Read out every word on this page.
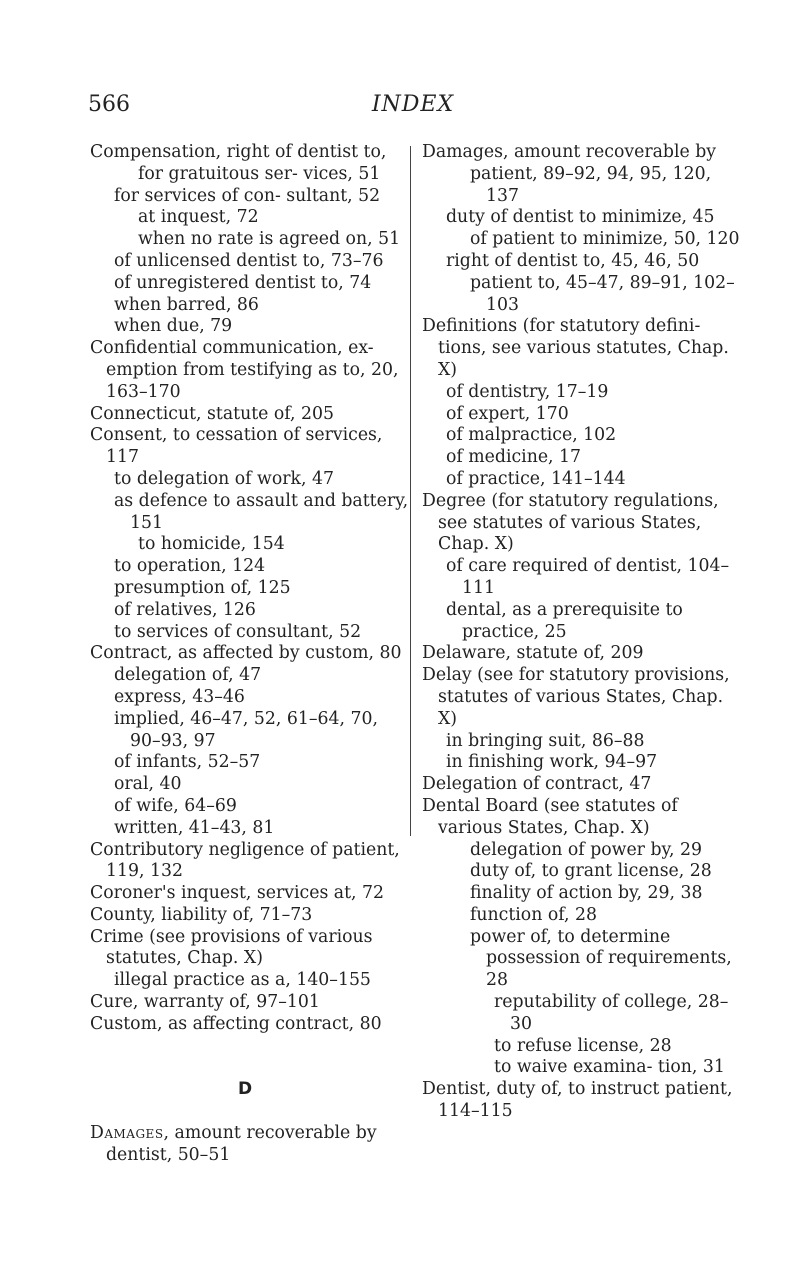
566	INDEX

Compensation, right of dentist to,

for gratuitous ser- vices, 51

for services of con- sultant, 52

at inquest, 72

when no rate is agreed on, 51

of unlicensed dentist to, 73–76

of unregistered dentist to, 74

when barred, 86

when due, 79

Confidential communication, ex- emption from testifying as to, 20, 163–170

Connecticut, statute of, 205

Consent, to cessation of services, 117

to delegation of work, 47

as defence to assault and battery, 151

to homicide, 154

to operation, 124

presumption of, 125

of relatives, 126

to services of consultant, 52

Contract, as affected by custom, 80

delegation of, 47

express, 43–46

implied, 46–47, 52, 61–64, 70, 90–93, 97

of infants, 52–57

oral, 40

of wife, 64–69

written, 41–43, 81

Contributory negligence of patient, 119, 132

Coroner's inquest, services at, 72

County, liability of, 71–73

Crime (see provisions of various statutes, Chap. X)

illegal practice as a, 140–155

Cure, warranty of, 97–101

Custom, as affecting contract, 80

D

Damages, amount recoverable by dentist, 50–51

Damages, amount recoverable by

patient, 89–92, 94, 95, 120, 137

duty of dentist to minimize, 45

of patient to minimize, 50, 120

right of dentist to, 45, 46, 50

patient to, 45–47, 89–91, 102–103

Definitions (for statutory defini- tions, see various statutes, Chap. X)

of dentistry, 17–19

of expert, 170

of malpractice, 102

of medicine, 17

of practice, 141–144

Degree (for statutory regulations, see statutes of various States, Chap. X)

of care required of dentist, 104–111

dental, as a prerequisite to practice, 25

Delaware, statute of, 209

Delay (see for statutory provisions, statutes of various States, Chap. X)

in bringing suit, 86–88

in finishing work, 94–97

Delegation of contract, 47

Dental Board (see statutes of various States, Chap. X)

delegation of power by, 29

duty of, to grant license, 28

finality of action by, 29, 38

function of, 28

power of, to determine possession of requirements, 28

reputability of college, 28–30

to refuse license, 28

to waive examina- tion, 31

Dentist, duty of, to instruct patient, 114–115
